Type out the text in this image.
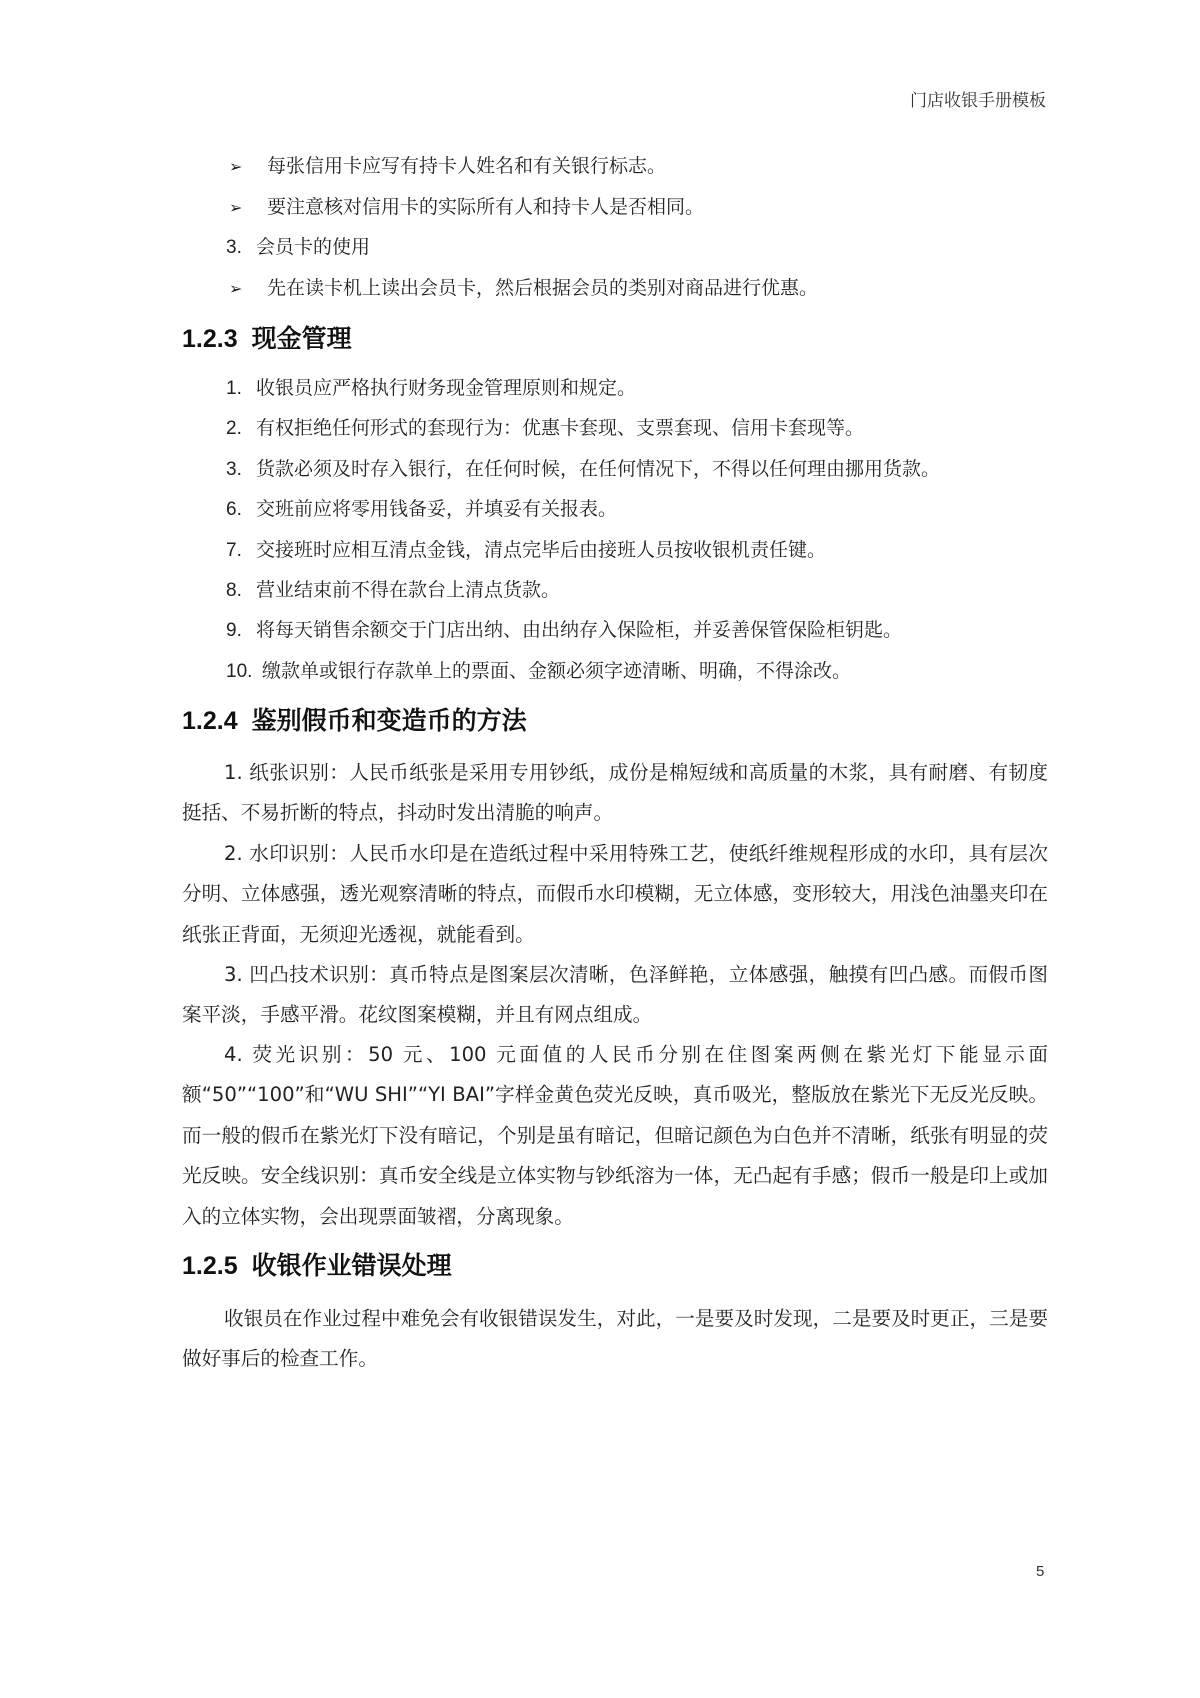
门店收银手册模板
➢ 每张信用卡应写有持卡人姓名和有关银行标志。
➢ 要注意核对信用卡的实际所有人和持卡人是否相同。
3. 会员卡的使用
➢ 先在读卡机上读出会员卡，然后根据会员的类别对商品进行优惠。
1.2.3 现金管理
1. 收银员应严格执行财务现金管理原则和规定。
2. 有权拒绝任何形式的套现行为：优惠卡套现、支票套现、信用卡套现等。
3. 货款必须及时存入银行，在任何时候，在任何情况下，不得以任何理由挪用货款。
6. 交班前应将零用钱备妥，并填妥有关报表。
7. 交接班时应相互清点金钱，清点完毕后由接班人员按收银机责任键。
8. 营业结束前不得在款台上清点货款。
9. 将每天销售余额交于门店出纳、由出纳存入保险柜，并妥善保管保险柜钥匙。
10. 缴款单或银行存款单上的票面、金额必须字迹清晰、明确，不得涂改。
1.2.4 鉴别假币和变造币的方法
1. 纸张识别：人民币纸张是采用专用钞纸，成份是棉短绒和高质量的木浆，具有耐磨、有韧度挺括、不易折断的特点，抖动时发出清脆的响声。
2. 水印识别：人民币水印是在造纸过程中采用特殊工艺，使纸纤维规程形成的水印，具有层次分明、立体感强，透光观察清晰的特点，而假币水印模糊，无立体感，变形较大，用浅色油墨夹印在纸张正背面，无须迎光透视，就能看到。
3. 凹凸技术识别：真币特点是图案层次清晰，色泽鲜艳，立体感强，触摸有凹凸感。而假币图案平淡，手感平滑。花纹图案模糊，并且有网点组成。
4. 荧光识别：50 元、100 元面值的人民币分别在住图案两侧在紫光灯下能显示面额“50”“100”和“WU SHI”“YI BAI”字样金黄色荧光反映，真币吸光，整版放在紫光下无反光反映。而一般的假币在紫光灯下没有暗记，个别是虽有暗记，但暗记颜色为白色并不清晰，纸张有明显的荧光反映。安全线识别：真币安全线是立体实物与钞纸溶为一体，无凸起有手感；假币一般是印上或加入的立体实物，会出现票面皱褶，分离现象。
1.2.5 收银作业错误处理
收银员在作业过程中难免会有收银错误发生，对此，一是要及时发现，二是要及时更正，三是要做好事后的检查工作。
5
